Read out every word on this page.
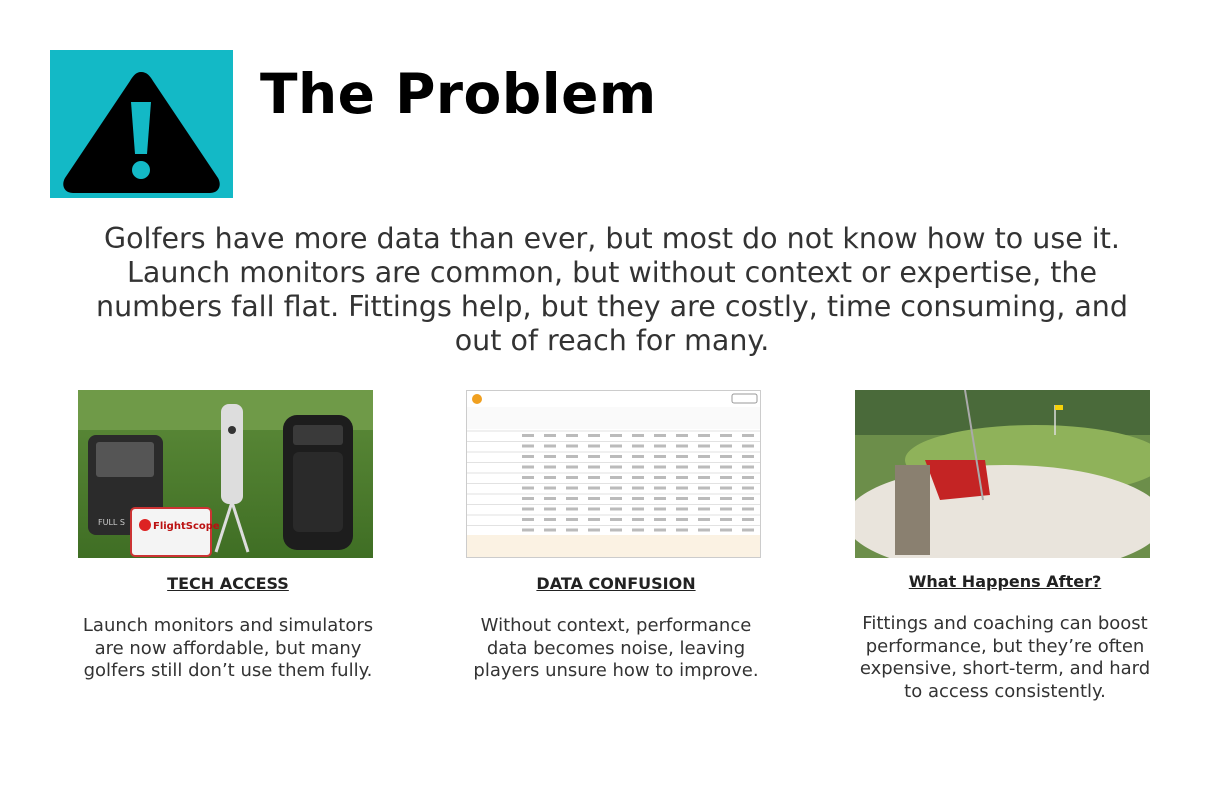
The Problem
Golfers have more data than ever, but most do not know how to use it. Launch monitors are common, but without context or expertise, the numbers fall flat. Fittings help, but they are costly, time consuming, and out of reach for many.
FULL S	FlightScope
TECH ACCESS
Launch monitors and simulators are now affordable, but many golfers still don’t use them fully.
DATA CONFUSION
Without context, performance data becomes noise, leaving players unsure how to improve.
What Happens After?
Fittings and coaching can boost performance, but they’re often expensive, short-term, and hard to access consistently.
